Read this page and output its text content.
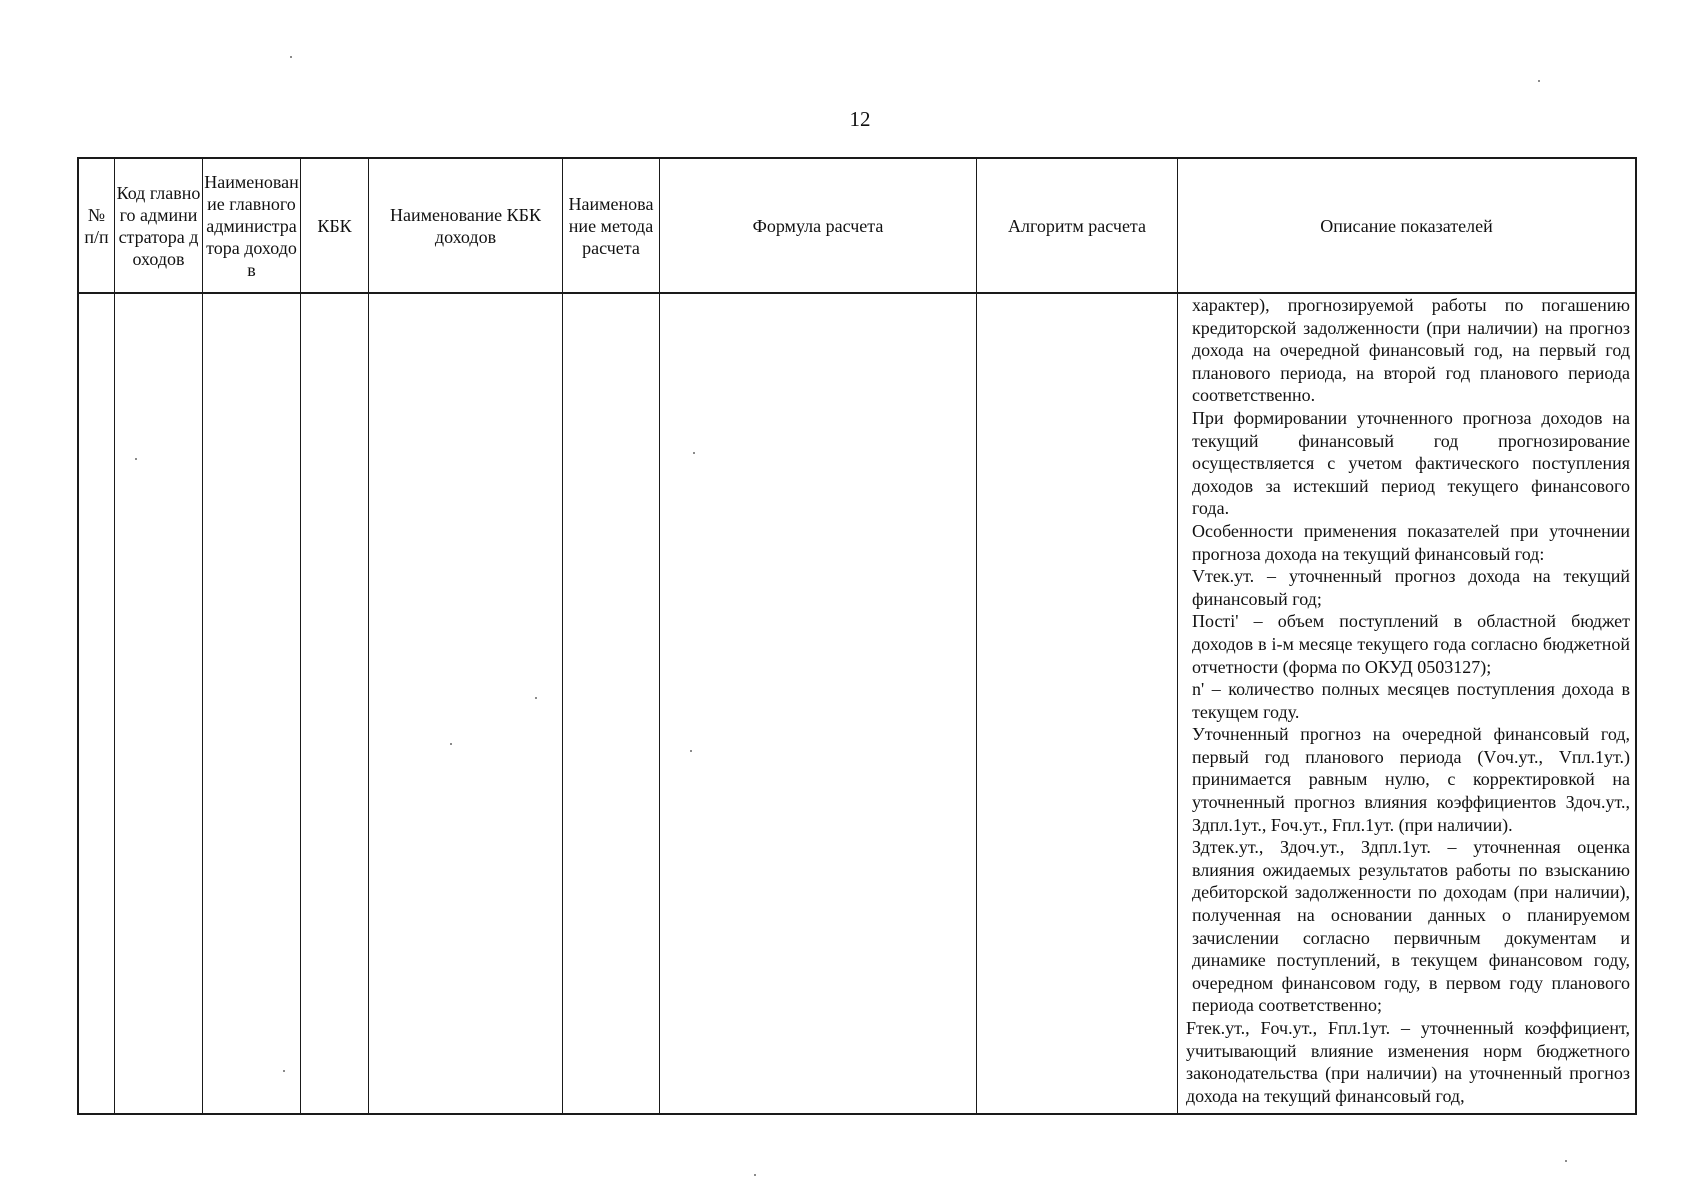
12
№ п/п
Код главного администратора доходов
Наименование главного администратора доходов
КБК
Наименование КБК доходов
Наименование метода расчета
Формула расчета	Алгоритм расчета	Описание показателей

характер), прогнозируемой работы по погашению кредиторской задолженности (при наличии) на прогноз дохода на очередной финансовый год, на первый год планового периода, на второй год планового периода соответственно.

При формировании уточненного прогноза доходов на текущий финансовый год прогнозирование осуществляется с учетом фактического поступления доходов за истекший период текущего финансового года.

Особенности применения показателей при уточнении прогноза дохода на текущий финансовый год:

Vтек.ут. – уточненный прогноз дохода на текущий финансовый год;

Постi' – объем поступлений в областной бюджет доходов в i-м месяце текущего года согласно бюджетной отчетности (форма по ОКУД 0503127);

n' – количество полных месяцев поступления дохода в текущем году.

Уточненный прогноз на очередной финансовый год, первый год планового периода (Vоч.ут., Vпл.1ут.) принимается равным нулю, с корректировкой на уточненный прогноз влияния коэффициентов Здоч.ут., Здпл.1ут., Fоч.ут., Fпл.1ут. (при наличии).

Здтек.ут., Здоч.ут., Здпл.1ут. – уточненная оценка влияния ожидаемых результатов работы по взысканию дебиторской задолженности по доходам (при наличии), полученная на основании данных о планируемом зачислении согласно первичным документам и динамике поступлений, в текущем финансовом году, очередном финансовом году, в первом году планового периода соответственно;

Fтек.ут., Fоч.ут., Fпл.1ут. – уточненный коэффициент, учитывающий влияние изменения норм бюджетного законодательства (при наличии) на уточненный прогноз дохода на текущий финансовый год,
